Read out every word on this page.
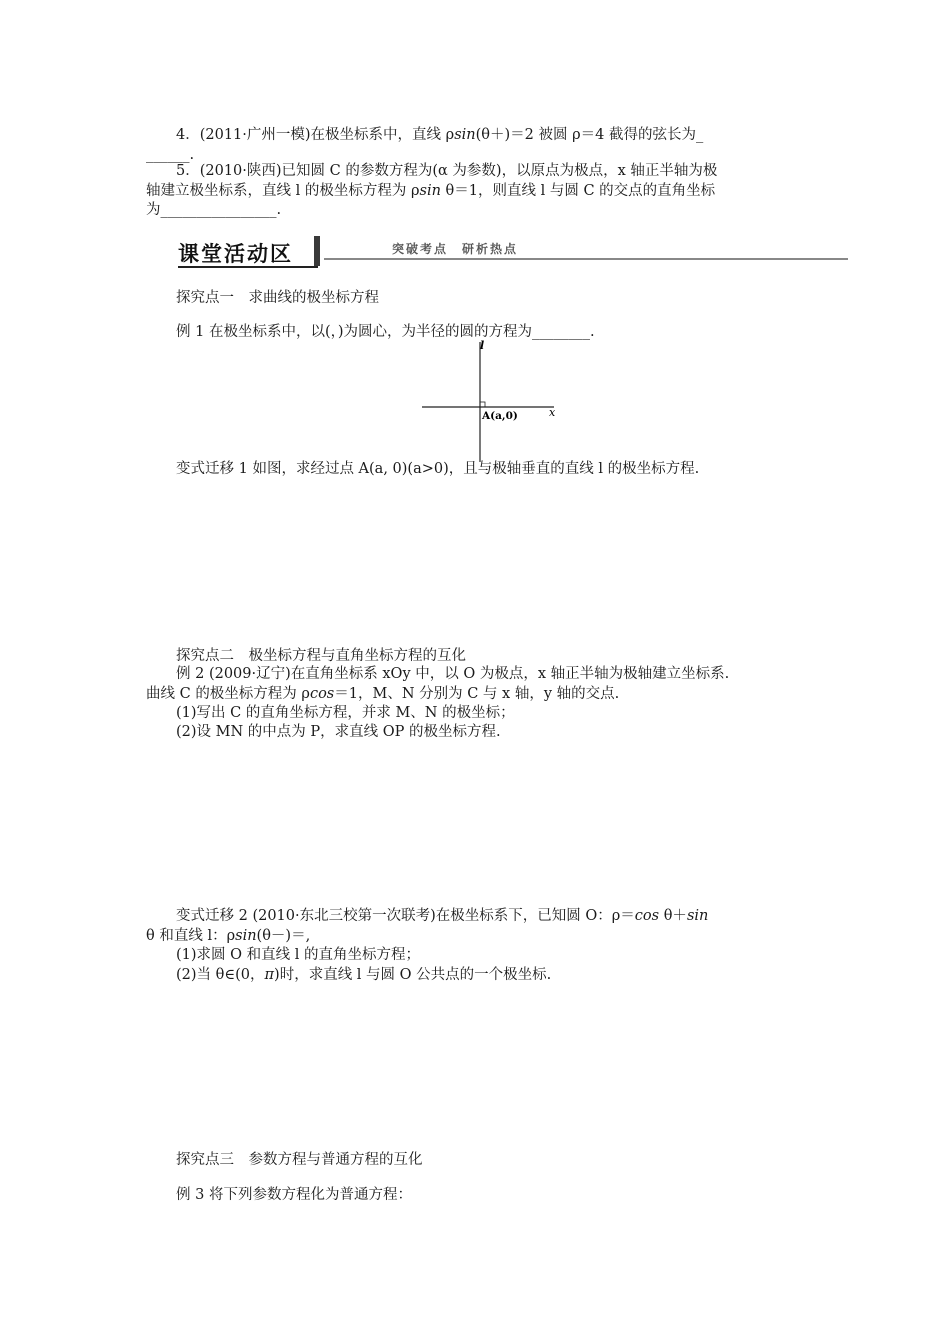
4．(2011·广州一模)在极坐标系中，直线 ρsin(θ＋)＝2 被圆 ρ＝4 截得的弦长为_
______.
5．(2010·陕西)已知圆 C 的参数方程为(α 为参数)，以原点为极点，x 轴正半轴为极
轴建立极坐标系，直线 l 的极坐标方程为 ρsin θ＝1，则直线 l 与圆 C 的交点的直角坐标
为________________.
课堂活动区	突破考点　研析热点
探究点一　求曲线的极坐标方程
例 1 在极坐标系中，以(，)为圆心，为半径的圆的方程为________.
l
x
A(a,0)
变式迁移 1 如图，求经过点 A(a, 0)(a>0)，且与极轴垂直的直线 l 的极坐标方程.
探究点二　极坐标方程与直角坐标方程的互化
例 2 (2009·辽宁)在直角坐标系 xOy 中，以 O 为极点，x 轴正半轴为极轴建立坐标系.
曲线 C 的极坐标方程为 ρcos＝1，M、N 分别为 C 与 x 轴，y 轴的交点.
(1)写出 C 的直角坐标方程，并求 M、N 的极坐标；
(2)设 MN 的中点为 P，求直线 OP 的极坐标方程.
变式迁移 2 (2010·东北三校第一次联考)在极坐标系下，已知圆 O：ρ＝cos θ＋sin
θ 和直线 l：ρsin(θ－)＝,
(1)求圆 O 和直线 l 的直角坐标方程；
(2)当 θ∈(0，π)时，求直线 l 与圆 O 公共点的一个极坐标.
探究点三　参数方程与普通方程的互化
例 3 将下列参数方程化为普通方程：
